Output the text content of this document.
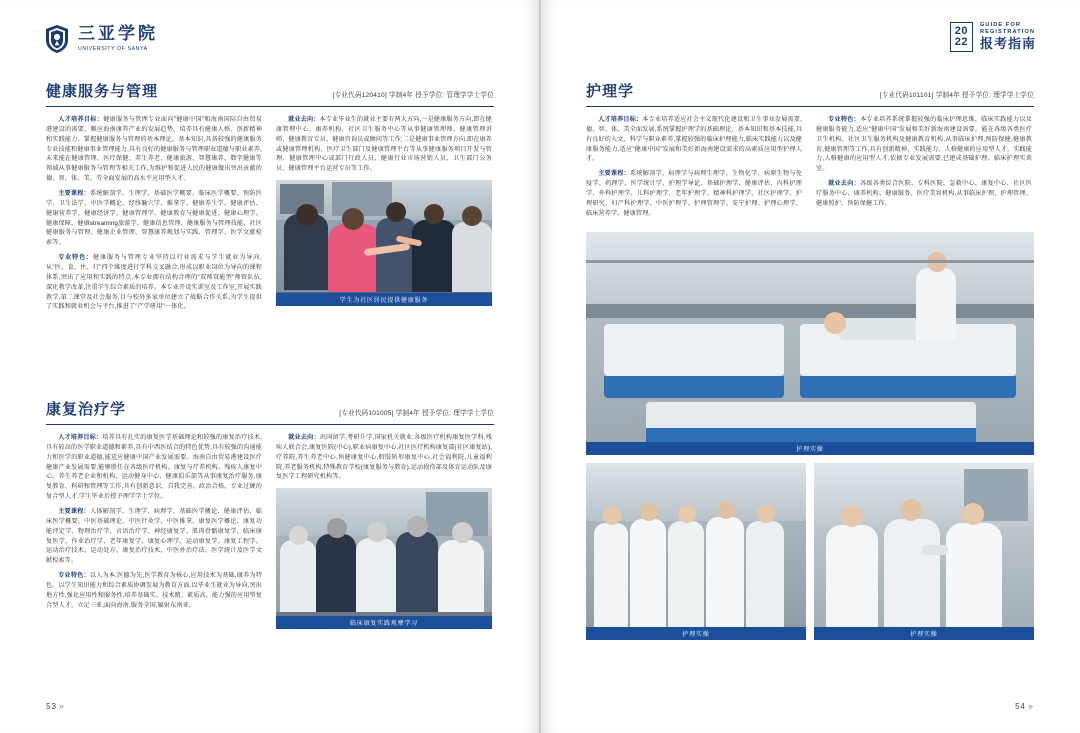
三亚学院
UNIVERSITY OF SANYA
健康服务与管理	[专业代码120410] 学制4年 授予学位: 管理学学士学位

人才培养目标：健康服务与管理专业面向"健康中国"和海南国际自由贸易港建设的需要，顺应海南康养产业的发展趋势，培养具有健康人格、创新精神和实践能力，掌握健康服务与管理的基本理论、基本知识,具备较强的健康服务专业技能和健康事业管理能力,具有良好的健康服务与管理职业道德与职业素养,未来能在健康管理、医疗保健、养生养老、健康旅游、智慧康养、数字健康等领域从事健康服务与管理等相关工作,为维护和促进人民的健康做出突出贡献的德、智、体、美、劳全面发展的高水平应用型人才。

主要课程：系统解剖学、生理学、基础医学概要、临床医学概要、预防医学、卫生法学、中医学概论、经络腧穴学、推拿学、健康养生学、健康评估、健康营养学、健康经济学、健康管理学、健康教育与健康促进、健康心理学、健康保障、健康streaming旅游学、健康信息管理、健康服务与管理技能、社区健康服务与管理、健康企业管理、智慧康养规划与实践、管理学、医学文献检索等。

专业特色：健康服务与管理专业坚持以行业需求与学生就业为导向,从"医、食、住、行"四个维度进行学科交叉融合,形成以职业岗位为导向的课程体系,突出了应用和实践的特点,本专业拥有结构合理的"双师双能型"师资队伍,深化教学改革,注重学生综合素质的培养。本专业开设实训室及工作室,开展实践教学,第二课堂及社会服务,目与校外多家单位建立了战略合作关系,为学生提供了实践和就业机会与平台,推进了"产学研用"一体化。

就业去向：本专业毕业生的就业主要有两大方向,一是健康服务方向,即在健康管理中心、康养机构、社区卫生服务中心等从事健康管理师、健康管理讲师、健康教育专员、健康咨询员或顾问等工作;二是健康事业管理方向,即在康养或健康管理机构、医疗卫生部门及健康管理平台等从事健康服务项目开发与管理、健康管理中心或部门行政人员、健康行业市场营销人员、卫生部门公务员、健康管理平台运营专员等工作。

学生为社区居民提供健康服务
康复治疗学	[专业代码101005] 学制4年 授予学位: 理学学士学位

人才培养目标：培养具有扎实的康复医学基础理论和较强的康复治疗技术,具有较高的医学职业道德和素养,具有中西医结合的特色优势,具有较强的沟通能力和医学的职业道德,能适应健康中国产业发展需要、海南自由贸易港建设医疗健康产业发展需要,能够胜任在各级医疗机构、康复与疗养机构、残疾人康复中心、养生养老企业和机构、运动健身中心、健康俱乐部等从事康复治疗服务,康复教育、科研和管理等工作,具有创新意识、自我完善、政治合格、专业过硬的复合型人才,学生毕业后授予理学学士学位。

主要课程：人体解剖学、生理学、病理学、基础医学概论、健康评估、临床医学概要、中医基础理论、中医针灸学、中医推拿、康复医学概论、康复功能评定学、物理治疗学、言语治疗学、神经康复学、肌肉骨骼康复学、临床康复医学、作业治疗学、老年康复学、康复心理学、运动康复学、康复工程学、运动治疗技术、运动处方、康复治疗技术、中医外治疗法、医学统计及医学文献检索等。

专业特色：以人为本,医德为先,医学教育为核心,应用技术为基础,康养为特色。以学生知识能力和综合素质协调发展为教育方面,以毕业生就业为导向,突出地方性,强化应用性和服务性,培养基础实、技术精、素质高、能力强的应用型复合型人才。立足三亚,面向海南,服务全国,辐射东南亚。

就业去向：出国留学,考研升学,国家机关就业,各级医疗机构康复医学科,残疾人联合会,康复医院(中心),职业病康复中心,社区医疗机构康复部(社区康复站),疗养院,养生养老中心,预健康复中心,假肢矫形康复中心,社会福利院,儿童福利院,养老服务机构,特殊教育学校(康复服务与教育),运动损伤部及体育运动队及康复医学工程研究机构等。

临床康复实践观摩学习
53 »
20
22
GUIDE FOR
REGISTRATION
报考指南
护理学	[专业代码101101] 学制4年 授予学位: 理学学士学位

人才培养目标：本专业培养适应社会主义现代化建设和卫生事业发展需要,德、智、体、美全面发展,系统掌握护理学的基础理论、基本知识和基本技能,具有良好的人文、科学与职业素养,掌握较强的临床护理能力,临床实践能力以及健康服务能力,适应"健康中国"发展和美好新海南建设需求的高素质应用型护理人才。

主要课程：系统解剖学、病理学与病理生理学、生物化学、病原生物与免疫学、药理学、医学统计学、护理学导论、基础护理学、健康评估、内科护理学、外科护理学、儿科护理学、老年护理学、精神科护理学、社区护理学、护理研究、妇产科护理学、中医护理学、护理管理学、安宁护理、护理心理学、临床营养学、健康管理。

专业特色：本专业培养系统掌握较强的临床护理思维、临床实践能力以及健康服务能力,适应"健康中国"发展和美好新海南建设需要。能在各级各类医疗卫生机构、社区卫生服务机构及健康教育机构,从事临床护理,预防保健,健康教育,健康管理等工作,具有创新精神、实践能力、人格健康的应用型人才。实践能力,人格健康的应用型人才,依据专业发展需要,已建成基础护理、临床护理实训室。

就业去向：各级各类综合医院、专科医院、急救中心、康复中心、社区医疗服务中心、康养机构、健康服务、医疗美容机构,从事临床护理、护理管理、健康照护、预防保健工作。

护理实操
护理实操	护理实操
54 »
